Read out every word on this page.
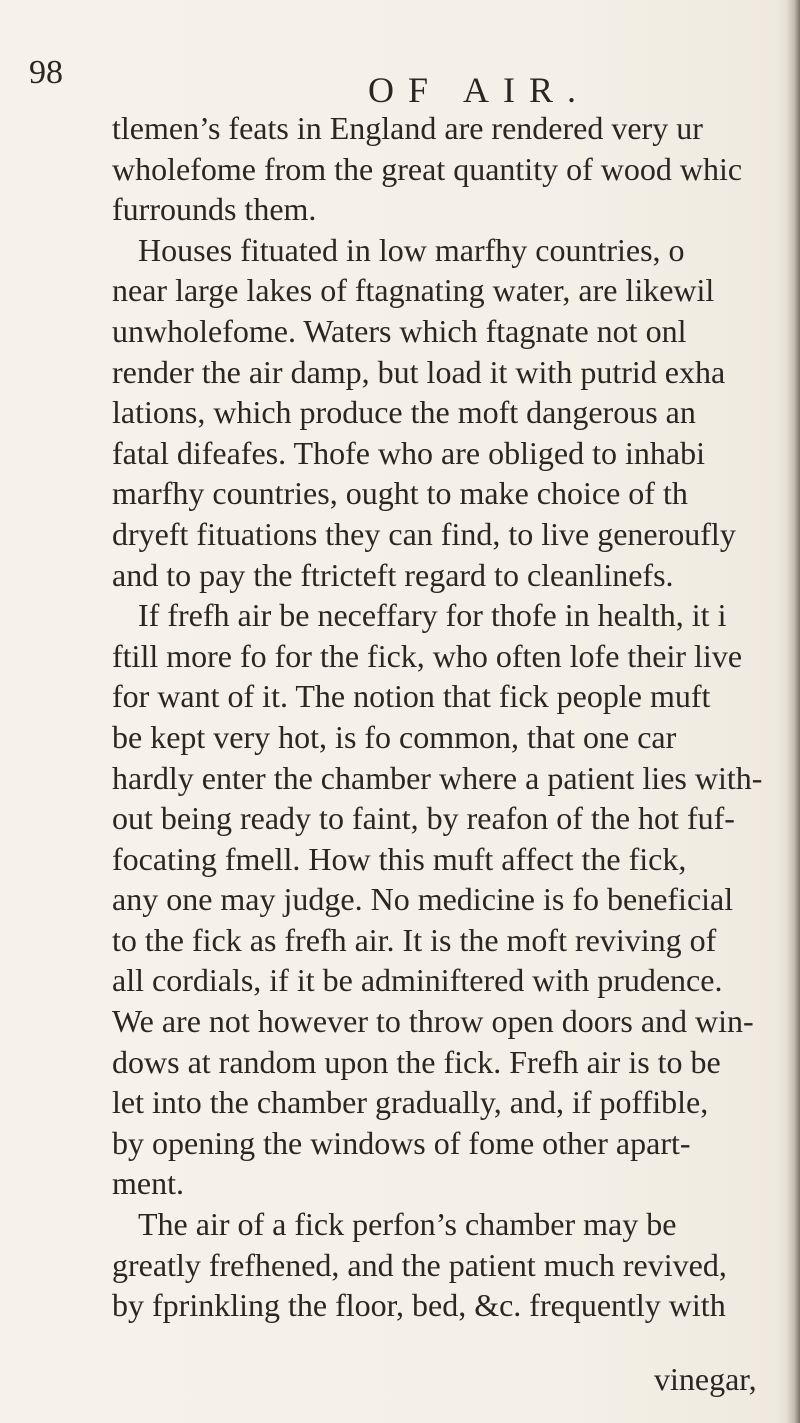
98	OF AIR.
tlemen’s feats in England are rendered very ur
wholefome from the great quantity of wood whic
furrounds them.
Houses fituated in low marfhy countries, o
near large lakes of ftagnating water, are likewil
unwholefome. Waters which ftagnate not onl
render the air damp, but load it with putrid exha
lations, which produce the moft dangerous an
fatal difeafes. Thofe who are obliged to inhabi
marfhy countries, ought to make choice of th
dryeft fituations they can find, to live generoufly
and to pay the ftricteft regard to cleanlinefs.
If frefh air be neceffary for thofe in health, it i
ftill more fo for the fick, who often lofe their live
for want of it. The notion that fick people muft
be kept very hot, is fo common, that one car
hardly enter the chamber where a patient lies with-
out being ready to faint, by reafon of the hot fuf-
focating fmell. How this muft affect the fick,
any one may judge. No medicine is fo beneficial
to the fick as frefh air. It is the moft reviving of
all cordials, if it be adminiftered with prudence.
We are not however to throw open doors and win-
dows at random upon the fick. Frefh air is to be
let into the chamber gradually, and, if poffible,
by opening the windows of fome other apart-
ment.
The air of a fick perfon’s chamber may be
greatly frefhened, and the patient much revived,
by fprinkling the floor, bed, &c. frequently with
vinegar,
